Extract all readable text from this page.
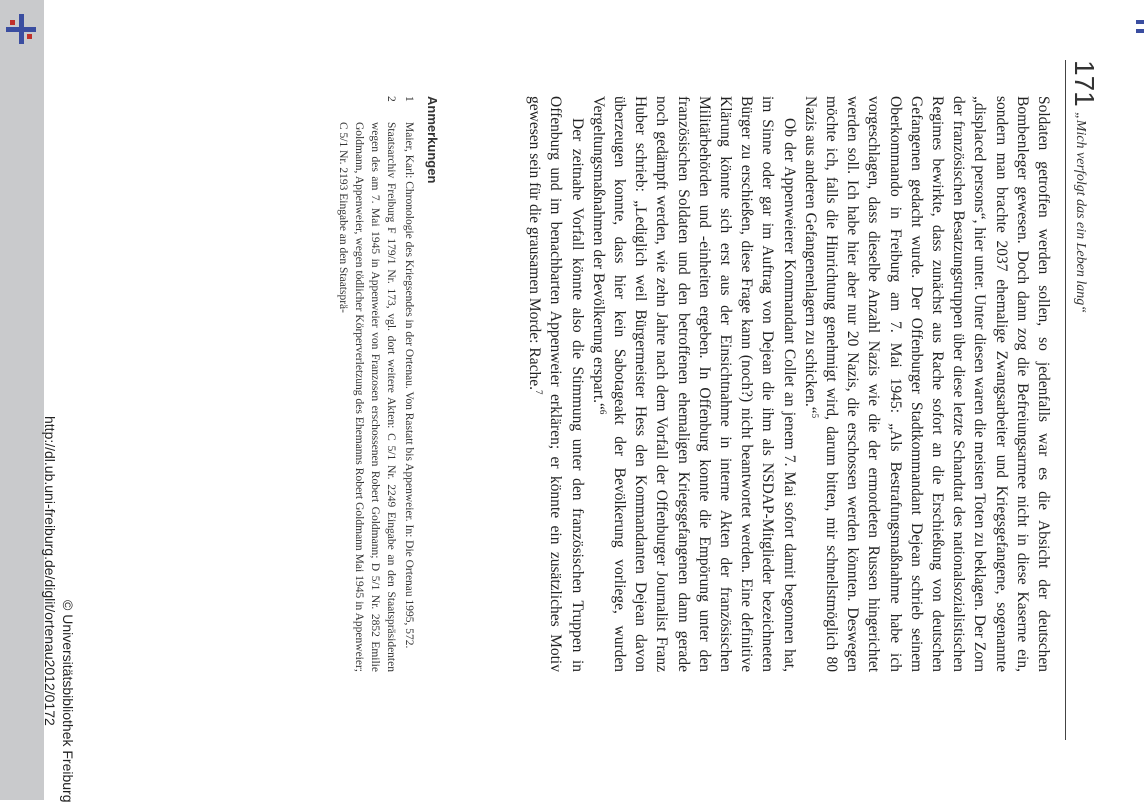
171
„Mich verfolgt das ein Leben lang“

Soldaten getroffen werden sollen, so jedenfalls war es die Absicht der deutschen Bombenleger gewesen. Doch dann zog die Befreiungsarmee nicht in diese Kaserne ein, sondern man brachte 2037 ehemalige Zwangsarbeiter und Kriegsgefangene, sogenannte „displaced persons“, hier unter. Unter diesen waren die meisten Toten zu beklagen. Der Zorn der französischen Besatzungstruppen über diese letzte Schandtat des nationalsozialistischen Regimes bewirkte, dass zunächst aus Rache sofort an die Erschießung von deutschen Gefangenen gedacht wurde. Der Offenburger Stadtkommandant Dejean schrieb seinem Oberkommando in Freiburg am 7. Mai 1945: „Als Bestrafungsmaßnahme habe ich vorgeschlagen, dass dieselbe Anzahl Nazis wie die der ermordeten Russen hingerichtet werden soll. Ich habe hier aber nur 20 Nazis, die erschossen werden könnten. Deswegen möchte ich, falls die Hinrichtung genehmigt wird, darum bitten, mir schnellstmöglich 80 Nazis aus anderen Gefangenenlagern zu schicken.“$^5$

Ob der Appenweierer Kommandant Collet an jenem 7. Mai sofort damit begonnen hat, im Sinne oder gar im Auftrag von Dejean die ihm als NSDAP-Mitglieder bezeichneten Bürger zu erschießen, diese Frage kann (noch?) nicht beantwortet werden. Eine definitive Klärung könnte sich erst aus der Einsichtnahme in interne Akten der französischen Militärbehörden und -einheiten ergeben. In Offenburg konnte die Empörung unter den französischen Soldaten und den betroffenen ehemaligen Kriegsgefangenen dann gerade noch gedämpft werden, wie zehn Jahre nach dem Vorfall der Offenburger Journalist Franz Huber schrieb: „Lediglich weil Bürgermeister Hess den Kommandanten Dejean davon überzeugen konnte, dass hier kein Sabotageakt der Bevölkerung vorliege, wurden Vergeltungsmaßnahmen der Bevölkerung erspart.“$^6$

Der zeitnahe Vorfall könnte also die Stimmung unter den französischen Truppen in Offenburg und im benachbarten Appenweier erklären; er könnte ein zusätzliches Motiv gewesen sein für die grausamen Morde: Rache.$^7$

Anmerkungen
1
Maier, Karl: Chronologie des Kriegsendes in der Ortenau. Von Rastatt bis Appenweier. In: Die Ortenau 1995, 572.
2
Staatsarchiv Freiburg F 179/1 Nr. 173, vgl. dort weitere Akten: C 5/1 Nr. 2249 Eingabe an den Staatspräsidenten wegen des am 7. Mai 1945 in Appenweier von Franzosen erschossenen Robert Goldmann; D 5/1 Nr. 2852 Emilie Goldmann, Appenweier, wegen tödlicher Körperverletzung des Ehemanns Robert Goldmann Mai 1945 in Appenweier; C 5/1 Nr. 2193 Eingabe an den Staatsprä-
http://dl.ub.uni-freiburg.de/diglit/ortenau2012/0172 © Universitätsbibliothek Freiburg
